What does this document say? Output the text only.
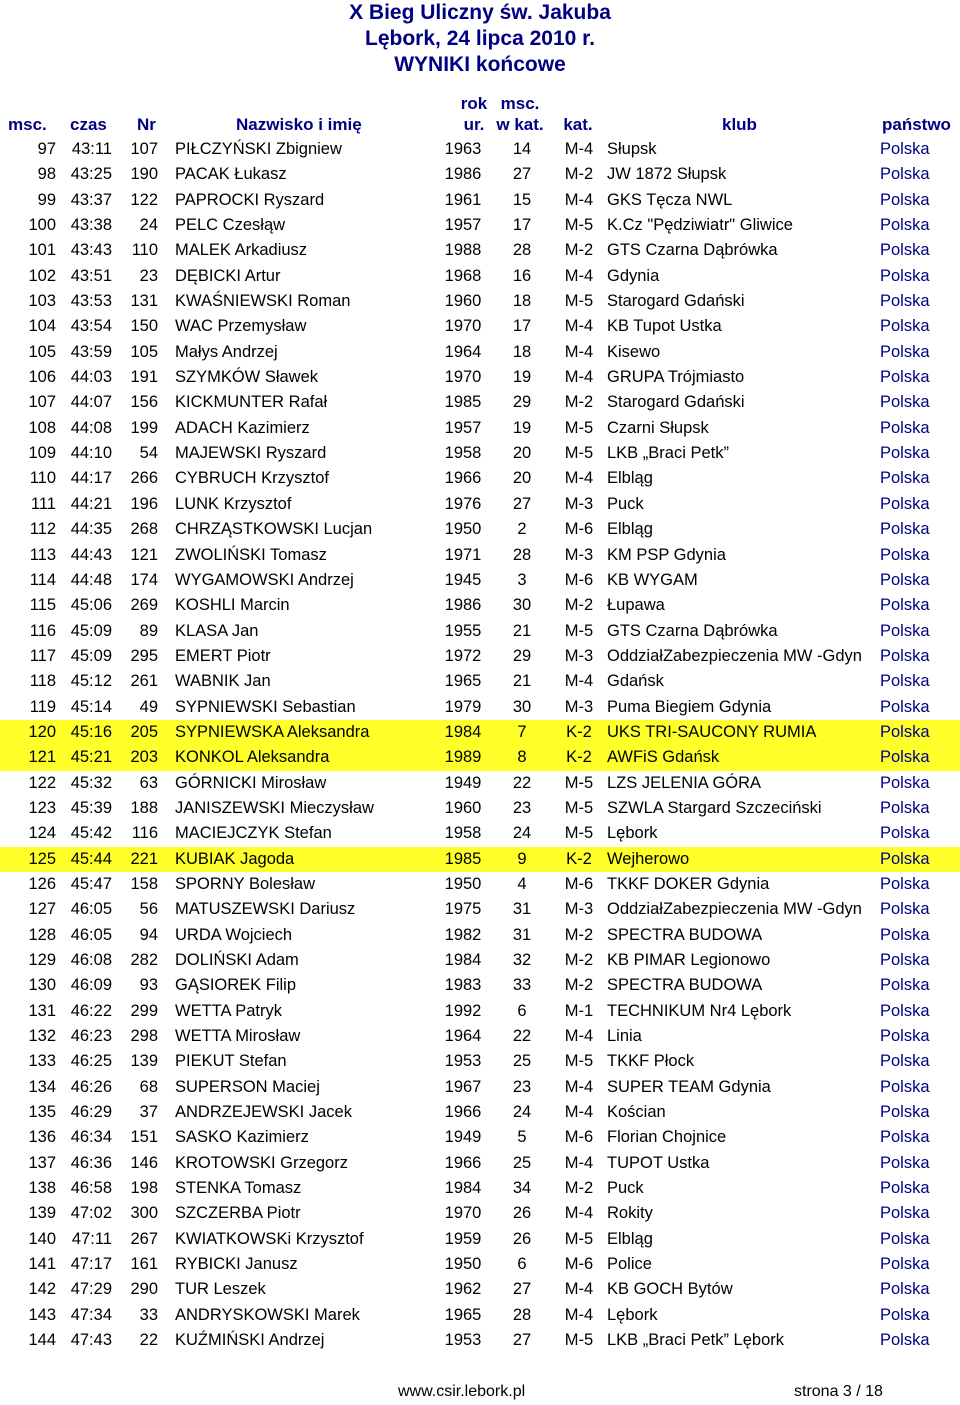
X Bieg Uliczny św. Jakuba
Lębork, 24 lipca 2010 r.
WYNIKI końcowe
rok msc.
msc. czas Nr	Nazwisko i imię	ur. w kat.	kat.	klub	państwo
97 43:11	107 PIŁCZYŃSKI Zbigniew	1963	14	M-4 Słupsk	Polska
98 43:25	190 PACAK Łukasz	1986	27	M-2 JW 1872 Słupsk	Polska
99 43:37	122 PAPROCKI Ryszard	1961	15	M-4 GKS Tęcza NWL	Polska
100 43:38	24 PELC Czesłąw	1957	17	M-5 K.Cz "Pędziwiatr" Gliwice	Polska
101 43:43	110 MALEK Arkadiusz	1988	28	M-2 GTS Czarna Dąbrówka	Polska
102 43:51	23 DĘBICKI Artur	1968	16	M-4 Gdynia	Polska
103 43:53	131 KWAŚNIEWSKI Roman	1960	18	M-5 Starogard Gdański	Polska
104 43:54	150 WAC Przemysław	1970	17	M-4 KB Tupot Ustka	Polska
105 43:59	105 Małys Andrzej	1964	18	M-4 Kisewo	Polska
106 44:03	191 SZYMKÓW Sławek	1970	19	M-4 GRUPA Trójmiasto	Polska
107 44:07	156 KICKMUNTER Rafał	1985	29	M-2 Starogard Gdański	Polska
108 44:08	199 ADACH Kazimierz	1957	19	M-5 Czarni Słupsk	Polska
109 44:10	54 MAJEWSKI Ryszard	1958	20	M-5 LKB „Braci Petk”	Polska
110 44:17	266 CYBRUCH Krzysztof	1966	20	M-4 Elbląg	Polska
111 44:21	196 LUNK Krzysztof	1976	27	M-3 Puck	Polska
112 44:35	268 CHRZĄSTKOWSKI Lucjan	1950	2	M-6 Elbląg	Polska
113 44:43	121 ZWOLIŃSKI Tomasz	1971	28	M-3 KM PSP Gdynia	Polska
114 44:48	174 WYGAMOWSKI Andrzej	1945	3	M-6 KB WYGAM	Polska
115 45:06	269 KOSHLI Marcin	1986	30	M-2 Łupawa	Polska
116 45:09	89 KLASA Jan	1955	21	M-5 GTS Czarna Dąbrówka	Polska
117 45:09	295 EMERT Piotr	1972	29	M-3 OddziałZabezpieczenia MW -Gdyn	Polska
118 45:12	261 WABNIK Jan	1965	21	M-4 Gdańsk	Polska
119 45:14	49 SYPNIEWSKI Sebastian	1979	30	M-3 Puma Biegiem Gdynia	Polska
120 45:16	205 SYPNIEWSKA Aleksandra	1984	7	K-2 UKS TRI-SAUCONY RUMIA	Polska
121 45:21	203 KONKOL Aleksandra	1989	8	K-2 AWFiS Gdańsk	Polska
122 45:32	63 GÓRNICKI Mirosław	1949	22	M-5 LZS JELENIA GÓRA	Polska
123 45:39	188 JANISZEWSKI Mieczysław	1960	23	M-5 SZWLA Stargard Szczeciński	Polska
124 45:42	116 MACIEJCZYK Stefan	1958	24	M-5 Lębork	Polska
125 45:44	221 KUBIAK Jagoda	1985	9	K-2 Wejherowo	Polska
126 45:47	158 SPORNY Bolesław	1950	4	M-6 TKKF DOKER Gdynia	Polska
127 46:05	56 MATUSZEWSKI Dariusz	1975	31	M-3 OddziałZabezpieczenia MW -Gdyn	Polska
128 46:05	94 URDA Wojciech	1982	31	M-2 SPECTRA BUDOWA	Polska
129 46:08	282 DOLIŃSKI Adam	1984	32	M-2 KB PIMAR Legionowo	Polska
130 46:09	93 GĄSIOREK Filip	1983	33	M-2 SPECTRA BUDOWA	Polska
131 46:22	299 WETTA Patryk	1992	6	M-1 TECHNIKUM Nr4 Lębork	Polska
132 46:23	298 WETTA Mirosław	1964	22	M-4 Linia	Polska
133 46:25	139 PIEKUT Stefan	1953	25	M-5 TKKF Płock	Polska
134 46:26	68 SUPERSON Maciej	1967	23	M-4 SUPER TEAM Gdynia	Polska
135 46:29	37 ANDRZEJEWSKI Jacek	1966	24	M-4 Kościan	Polska
136 46:34	151 SASKO Kazimierz	1949	5	M-6 Florian Chojnice	Polska
137 46:36	146 KROTOWSKI Grzegorz	1966	25	M-4 TUPOT Ustka	Polska
138 46:58	198 STENKA Tomasz	1984	34	M-2 Puck	Polska
139 47:02	300 SZCZERBA Piotr	1970	26	M-4 Rokity	Polska
140 47:11	267 KWIATKOWSKi Krzysztof	1959	26	M-5 Elbląg	Polska
141 47:17	161 RYBICKI Janusz	1950	6	M-6 Police	Polska
142 47:29	290 TUR Leszek	1962	27	M-4 KB GOCH Bytów	Polska
143 47:34	33 ANDRYSKOWSKI Marek	1965	28	M-4 Lębork	Polska
144 47:43	22 KUŹMIŃSKI Andrzej	1953	27	M-5 LKB „Braci Petk” Lębork	Polska
www.csir.lebork.pl	strona 3 / 18
